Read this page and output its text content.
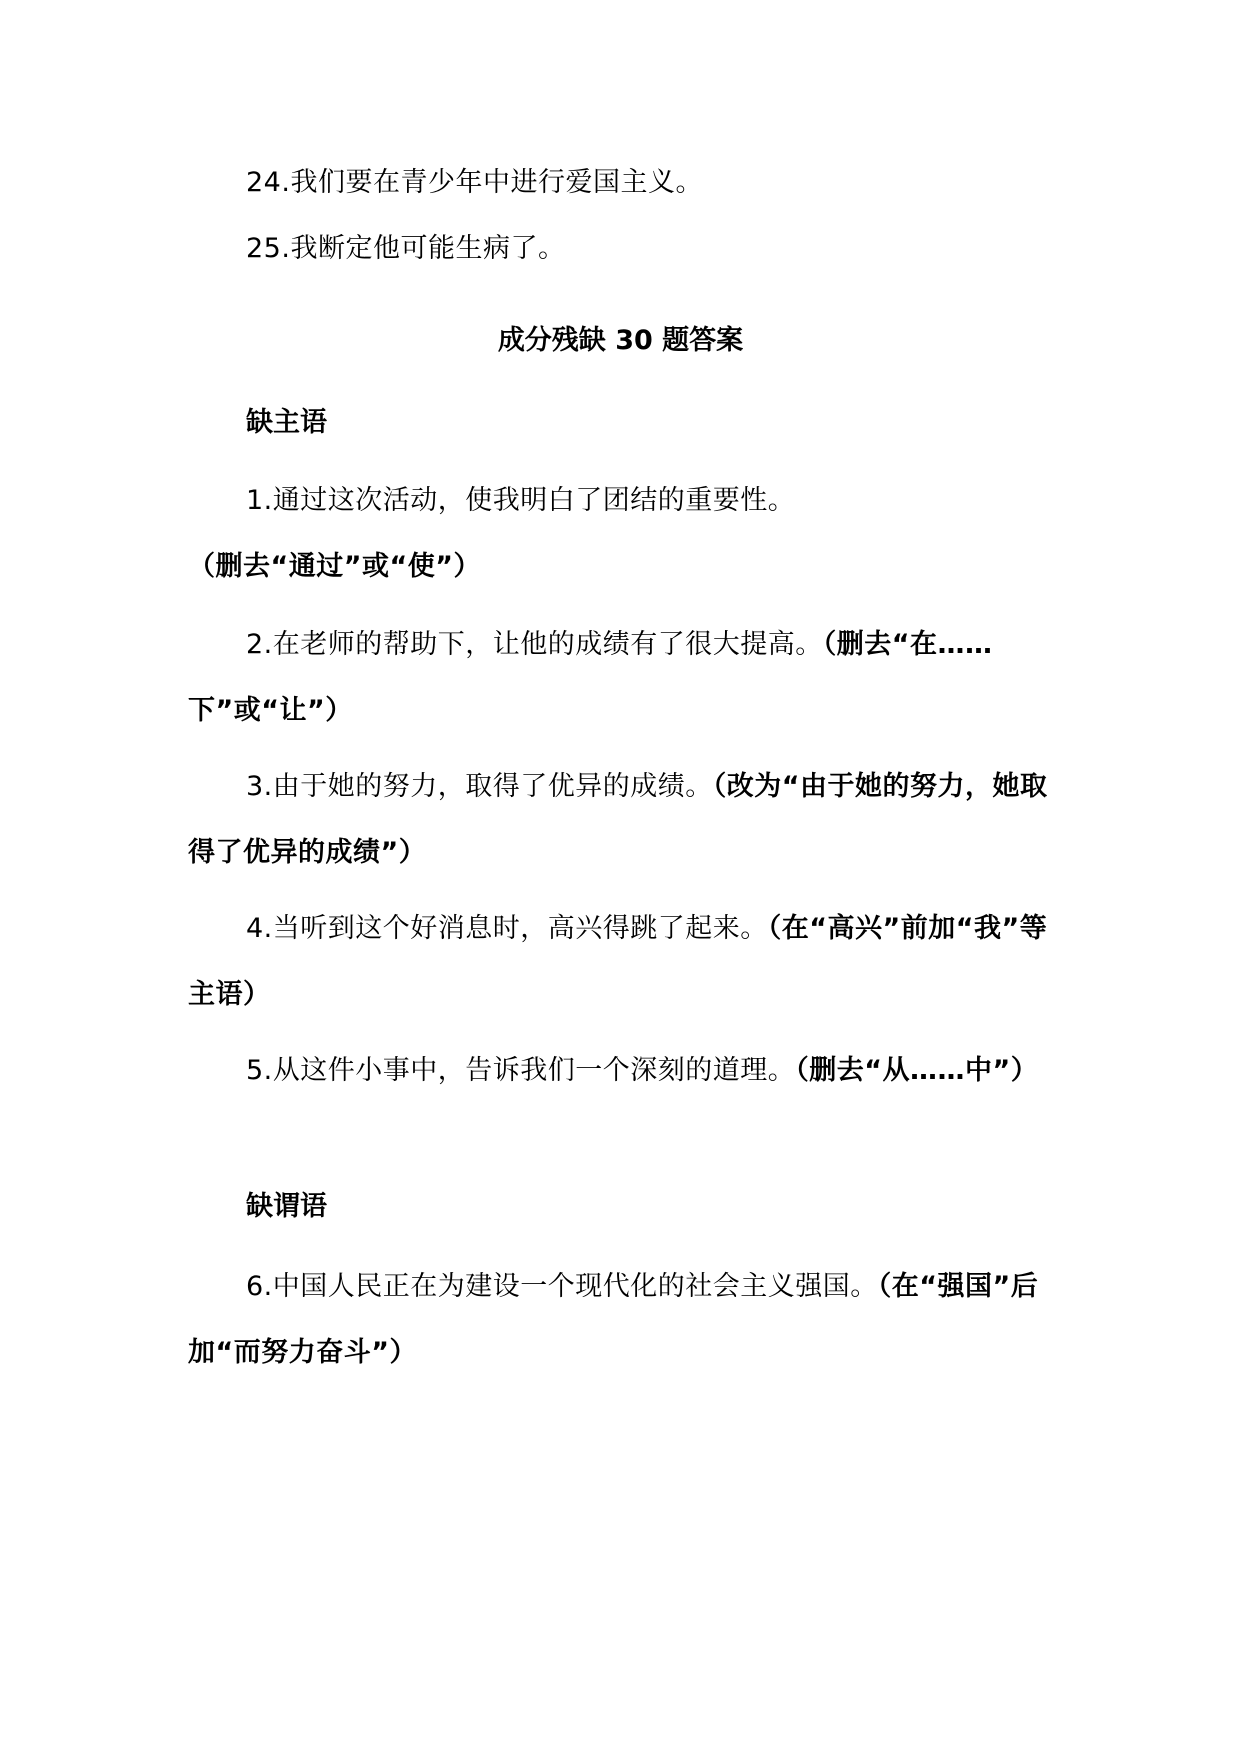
24.我们要在青少年中进行爱国主义。

25.我断定他可能生病了。

成分残缺 30 题答案
缺主语

1.通过这次活动，使我明白了团结的重要性。（删去“通过”或“使”）

2.在老师的帮助下，让他的成绩有了很大提高。（删去“在……下”或“让”）

3.由于她的努力，取得了优异的成绩。（改为“由于她的努力，她取得了优异的成绩”）

4.当听到这个好消息时，高兴得跳了起来。（在“高兴”前加“我”等主语）

5.从这件小事中，告诉我们一个深刻的道理。（删去“从……中”）

缺谓语

6.中国人民正在为建设一个现代化的社会主义强国。（在“强国”后加“而努力奋斗”）
